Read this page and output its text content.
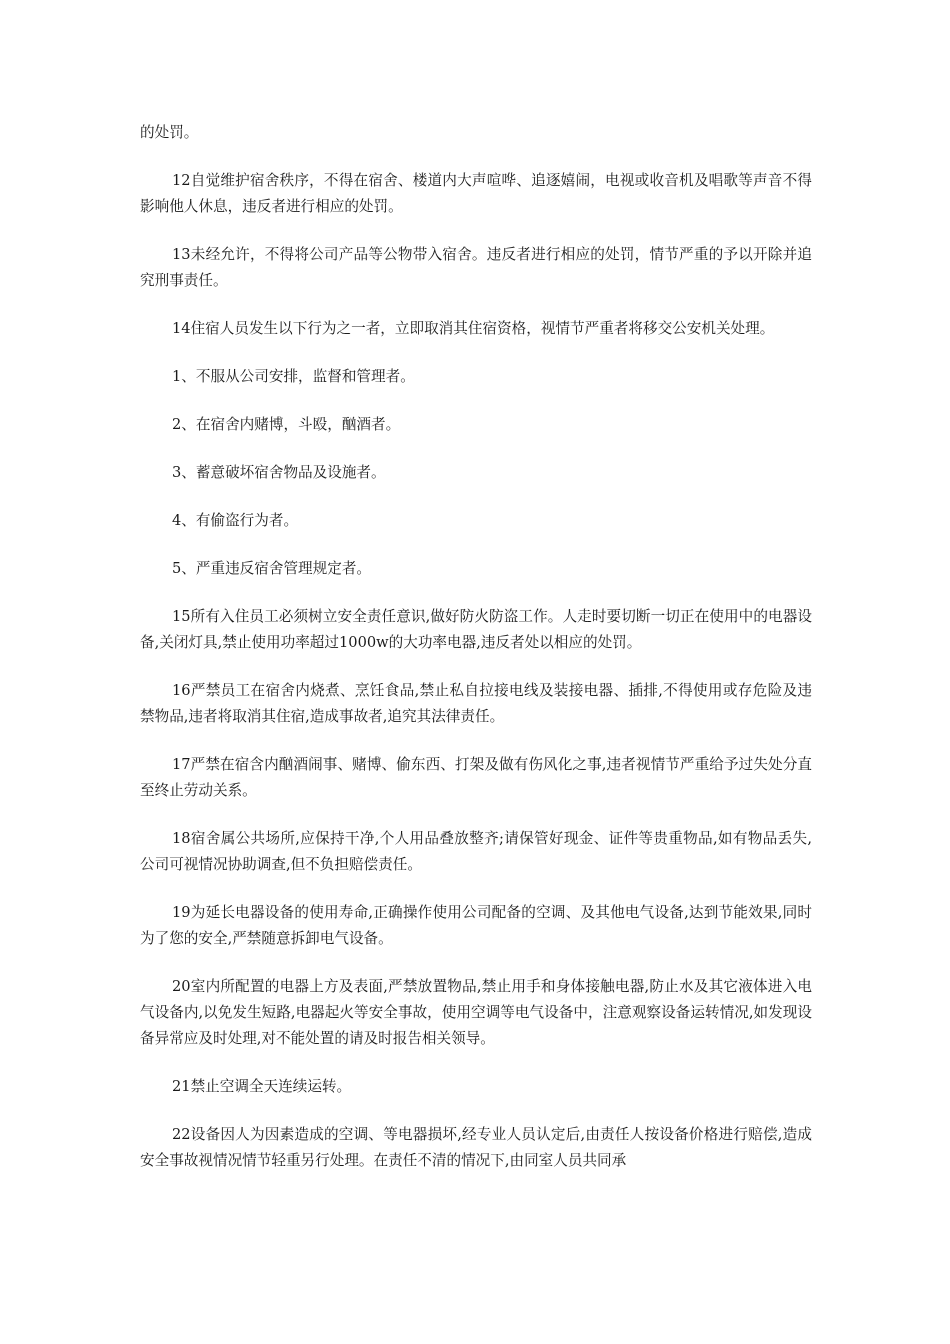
的处罚。

12自觉维护宿舍秩序，不得在宿舍、楼道内大声喧哗、追逐嬉闹，电视或收音机及唱歌等声音不得影响他人休息，违反者进行相应的处罚。

13未经允许，不得将公司产品等公物带入宿舍。违反者进行相应的处罚，情节严重的予以开除并追究刑事责任。

14住宿人员发生以下行为之一者，立即取消其住宿资格，视情节严重者将移交公安机关处理。

1、不服从公司安排，监督和管理者。

2、在宿舍内赌博，斗殴，酗酒者。

3、蓄意破坏宿舍物品及设施者。

4、有偷盗行为者。

5、严重违反宿舍管理规定者。

15所有入住员工必须树立安全责任意识,做好防火防盗工作。人走时要切断一切正在使用中的电器设备,关闭灯具,禁止使用功率超过1000w的大功率电器,违反者处以相应的处罚。

16严禁员工在宿舍内烧煮、烹饪食品,禁止私自拉接电线及装接电器、插排,不得使用或存危险及违禁物品,违者将取消其住宿,造成事故者,追究其法律责任。

17严禁在宿含内酗酒闹事、赌博、偷东西、打架及做有伤风化之事,违者视情节严重给予过失处分直至终止劳动关系。

18宿舍属公共场所,应保持干净,个人用品叠放整齐;请保管好现金、证件等贵重物品,如有物品丢失,公司可视情况协助调查,但不负担赔偿责任。

19为延长电器设备的使用寿命,正确操作使用公司配备的空调、及其他电气设备,达到节能效果,同时为了您的安全,严禁随意拆卸电气设备。

20室内所配置的电器上方及表面,严禁放置物品,禁止用手和身体接触电器,防止水及其它液体进入电气设备内,以免发生短路,电器起火等安全事故，使用空调等电气设备中，注意观察设备运转情况,如发现设备异常应及时处理,对不能处置的请及时报告相关领导。

21禁止空调全天连续运转。

22设备因人为因素造成的空调、等电器损坏,经专业人员认定后,由责任人按设备价格进行赔偿,造成安全事故视情况情节轻重另行处理。在责任不清的情况下,由同室人员共同承
